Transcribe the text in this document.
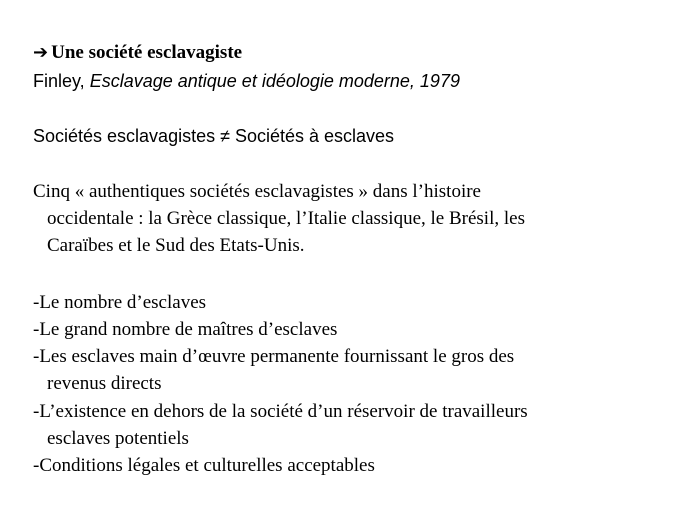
➔ Une société esclavagiste
Finley, Esclavage antique et idéologie moderne, 1979
Sociétés esclavagistes ≠ Sociétés à esclaves
Cinq « authentiques sociétés esclavagistes » dans l’histoire
occidentale : la Grèce classique, l’Italie classique, le Brésil, les
Caraïbes et le Sud des Etats-Unis.
-Le nombre d’esclaves
-Le grand nombre de maîtres d’esclaves
-Les esclaves main d’œuvre permanente fournissant le gros des
revenus directs
-L’existence en dehors de la société d’un réservoir de travailleurs
esclaves potentiels
-Conditions légales et culturelles acceptables
